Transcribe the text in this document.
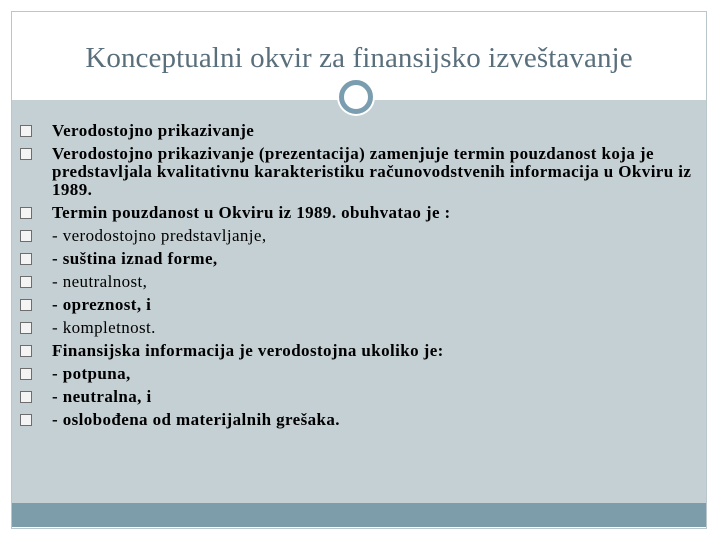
Konceptualni okvir za finansijsko izveštavanje
Verodostojno prikazivanje
Verodostojno prikazivanje (prezentacija) zamenjuje termin pouzdanost koja je predstavljala kvalitativnu karakteristiku računovodstvenih informacija u Okviru iz 1989.
Termin pouzdanost u Okviru iz 1989. obuhvatao je :
- verodostojno predstavljanje,
- suština iznad forme,
- neutralnost,
- opreznost, i
- kompletnost.
Finansijska informacija je verodostojna ukoliko je:
- potpuna,
- neutralna, i
- oslobođena od materijalnih grešaka.
